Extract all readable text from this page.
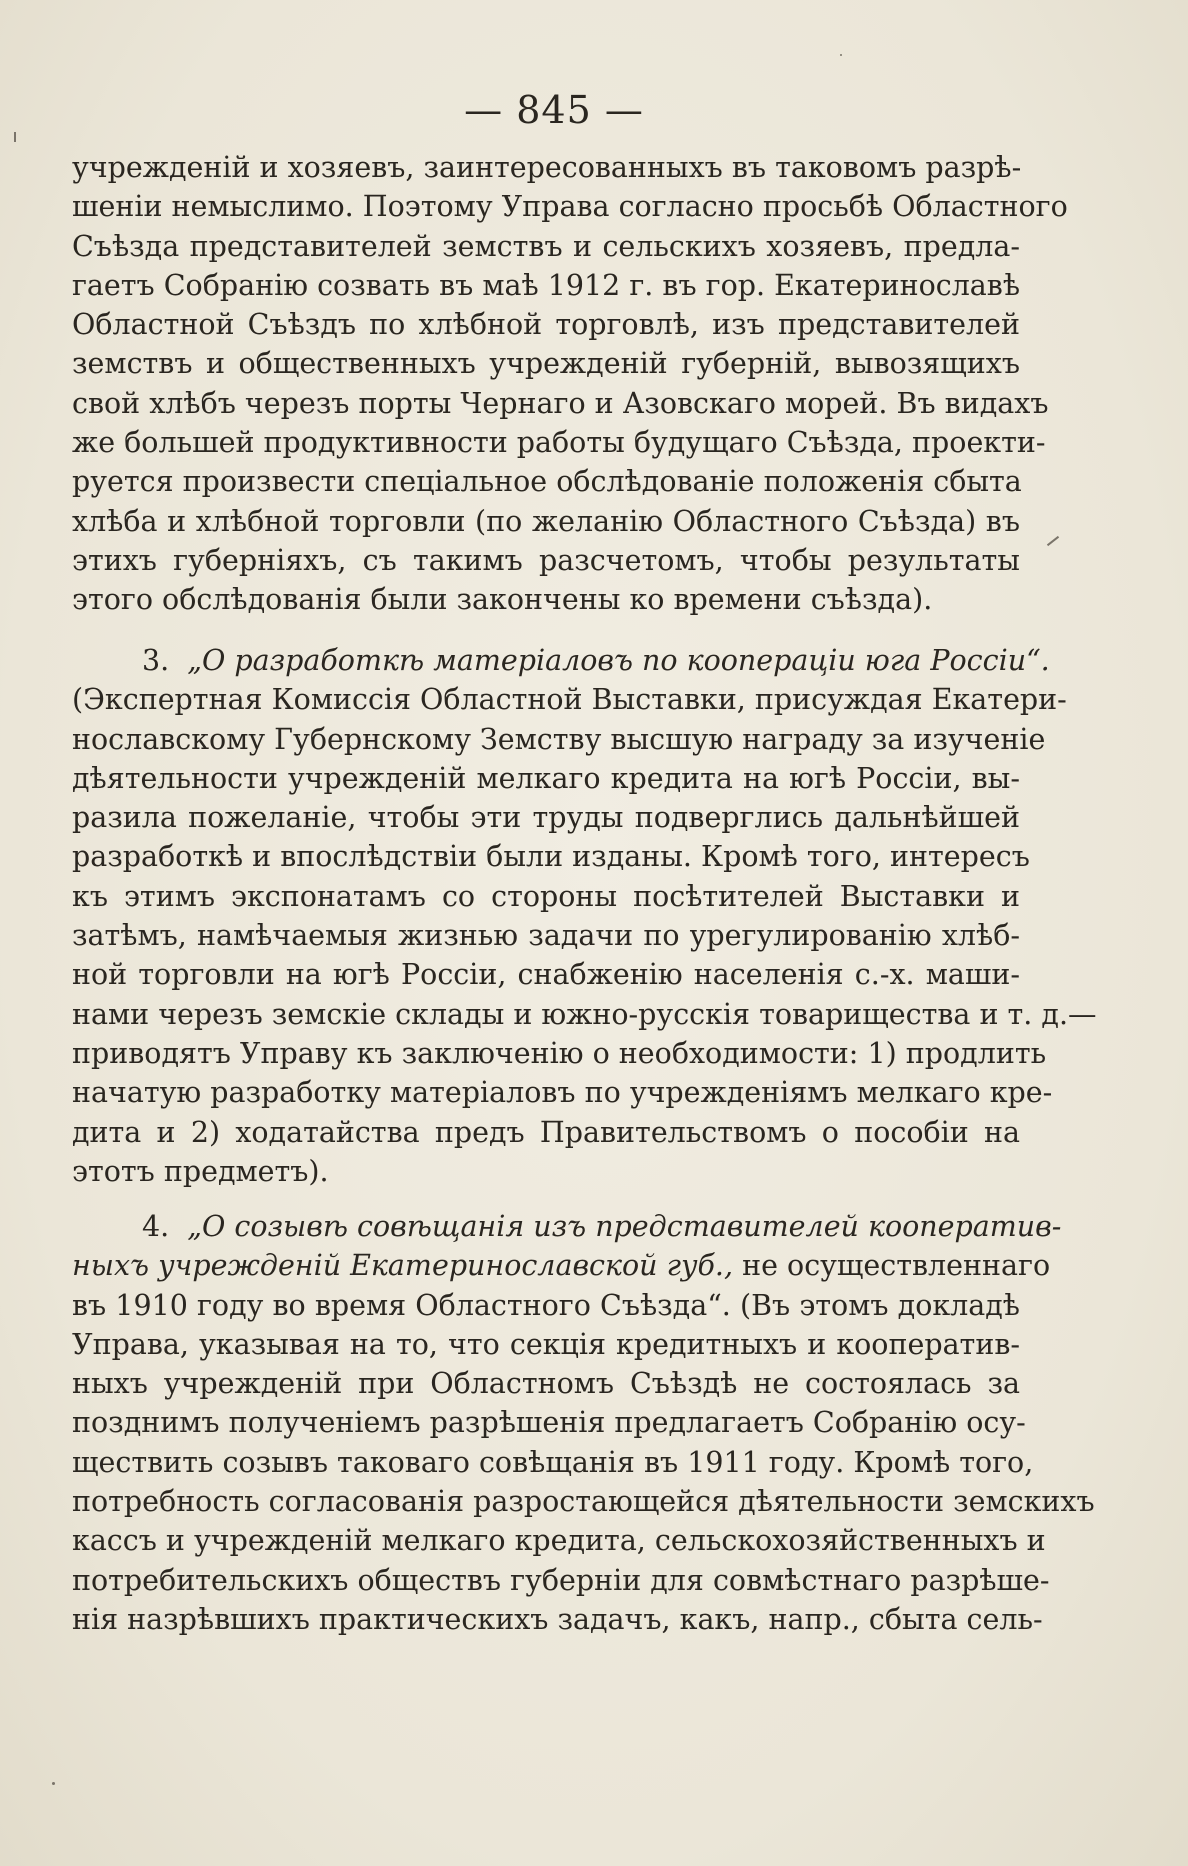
— 845 —
учрежденій и хозяевъ, заинтересованныхъ въ таковомъ разрѣ-
шеніи немыслимо. Поэтому Управа согласно просьбѣ Областного
Съѣзда представителей земствъ и сельскихъ хозяевъ, предла-
гаетъ Собранію созвать въ маѣ 1912 г. въ гор. Екатеринославѣ
Областной Съѣздъ по хлѣбной торговлѣ, изъ представителей
земствъ и общественныхъ учрежденій губерній, вывозящихъ
свой хлѣбъ черезъ порты Чернаго и Азовскаго морей. Въ видахъ
же большей продуктивности работы будущаго Съѣзда, проекти-
руется произвести спеціальное обслѣдованіе положенія сбыта
хлѣба и хлѣбной торговли (по желанію Областного Съѣзда) въ
этихъ губерніяхъ, съ такимъ разсчетомъ, чтобы результаты
этого обслѣдованія были закончены ко времени съѣзда).
3. „О разработкѣ матеріаловъ по коопераціи юга Россіи“.
(Экспертная Комиссія Областной Выставки, присуждая Екатери-
нославскому Губернскому Земству высшую награду за изученіе
дѣятельности учрежденій мелкаго кредита на югѣ Россіи, вы-
разила пожеланіе, чтобы эти труды подверглись дальнѣйшей
разработкѣ и впослѣдствіи были изданы. Кромѣ того, интересъ
къ этимъ экспонатамъ со стороны посѣтителей Выставки и
затѣмъ, намѣчаемыя жизнью задачи по урегулированію хлѣб-
ной торговли на югѣ Россіи, снабженію населенія с.-х. маши-
нами черезъ земскіе склады и южно-русскія товарищества и т. д.—
приводятъ Управу къ заключенію о необходимости: 1) продлить
начатую разработку матеріаловъ по учрежденіямъ мелкаго кре-
дита и 2) ходатайства предъ Правительствомъ о пособіи на
этотъ предметъ).
4. „О созывѣ совѣщанія изъ представителей кооператив-
ныхъ учрежденій Екатеринославской губ., не осуществленнаго
въ 1910 году во время Областного Съѣзда“. (Въ этомъ докладѣ
Управа, указывая на то, что секція кредитныхъ и кооператив-
ныхъ учрежденій при Областномъ Съѣздѣ не состоялась за
позднимъ полученіемъ разрѣшенія предлагаетъ Собранію осу-
ществить созывъ таковаго совѣщанія въ 1911 году. Кромѣ того,
потребность согласованія разростающейся дѣятельности земскихъ
кассъ и учрежденій мелкаго кредита, сельскохозяйственныхъ и
потребительскихъ обществъ губерніи для совмѣстнаго разрѣше-
нія назрѣвшихъ практическихъ задачъ, какъ, напр., сбыта сель-
